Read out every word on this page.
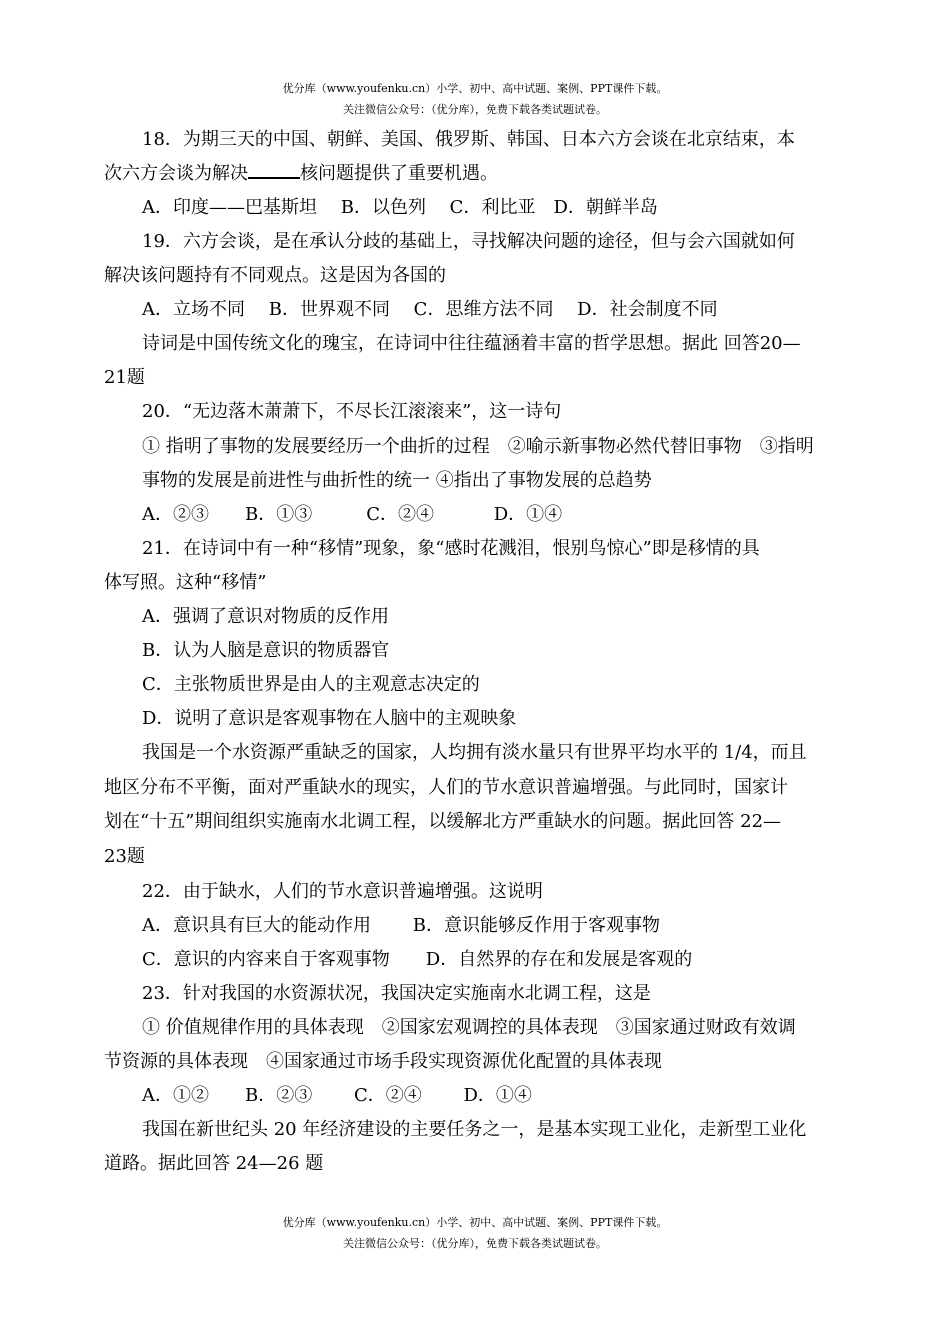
优分库（www.youfenku.cn）小学、初中、高中试题、案例、PPT课件下载。
关注微信公众号：（优分库），免费下载各类试题试卷。
18．为期三天的中国、朝鲜、美国、俄罗斯、韩国、日本六方会谈在北京结束，本
次六方会谈为解决	核问题提供了重要机遇。
A．印度——巴基斯坦　 B．以色列　 C．利比亚　D．朝鲜半岛
19．六方会谈，是在承认分歧的基础上，寻找解决问题的途径，但与会六国就如何
解决该问题持有不同观点。这是因为各国的
A．立场不同　 B．世界观不同　 C．思维方法不同　 D．社会制度不同
诗词是中国传统文化的瑰宝，在诗词中往往蕴涵着丰富的哲学思想。据此 回答20—
21题
20．“无边落木萧萧下，不尽长江滚滚来”，这一诗句
① 指明了事物的发展要经历一个曲折的过程　②喻示新事物必然代替旧事物　③指明
事物的发展是前进性与曲折性的统一 ④指出了事物发展的总趋势
A．②③　　B．①③　　　C．②④　　　 D．①④
21．在诗词中有一种“移情”现象，象“感时花溅泪，恨别鸟惊心”即是移情的具
体写照。这种“移情”
A．强调了意识对物质的反作用
B．认为人脑是意识的物质器官
C．主张物质世界是由人的主观意志决定的
D．说明了意识是客观事物在人脑中的主观映象
我国是一个水资源严重缺乏的国家，人均拥有淡水量只有世界平均水平的 1/4，而且
地区分布不平衡，面对严重缺水的现实，人们的节水意识普遍增强。与此同时，国家计
划在“十五”期间组织实施南水北调工程，以缓解北方严重缺水的问题。据此回答 22—
23题
22．由于缺水，人们的节水意识普遍增强。这说明
A．意识具有巨大的能动作用　　 B．意识能够反作用于客观事物
C．意识的内容来自于客观事物　　D．自然界的存在和发展是客观的
23．针对我国的水资源状况，我国决定实施南水北调工程，这是
① 价值规律作用的具体表现　②国家宏观调控的具体表现　③国家通过财政有效调
节资源的具体表现　④国家通过市场手段实现资源优化配置的具体表现
A．①②　　B．②③　　 C．②④　　 D．①④
我国在新世纪头 20 年经济建设的主要任务之一，是基本实现工业化，走新型工业化
道路。据此回答 24—26 题
优分库（www.youfenku.cn）小学、初中、高中试题、案例、PPT课件下载。
关注微信公众号：（优分库），免费下载各类试题试卷。
